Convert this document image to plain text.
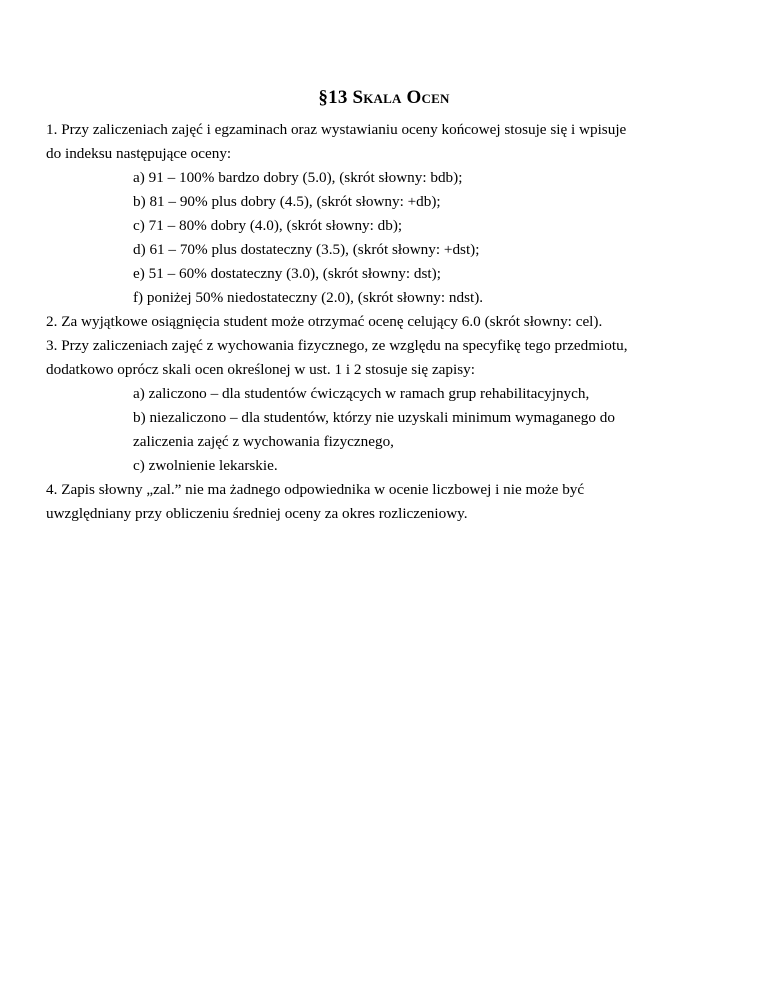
§13 Skala Ocen
1. Przy zaliczeniach zajęć i egzaminach oraz wystawianiu oceny końcowej stosuje się i wpisuje
do indeksu następujące oceny:
a) 91 – 100% bardzo dobry (5.0), (skrót słowny: bdb);
b) 81 – 90% plus dobry (4.5), (skrót słowny: +db);
c) 71 – 80% dobry (4.0), (skrót słowny: db);
d) 61 – 70% plus dostateczny (3.5), (skrót słowny: +dst);
e) 51 – 60% dostateczny (3.0), (skrót słowny: dst);
f) poniżej 50% niedostateczny (2.0), (skrót słowny: ndst).
2. Za wyjątkowe osiągnięcia student może otrzymać ocenę celujący 6.0 (skrót słowny: cel).
3. Przy zaliczeniach zajęć z wychowania fizycznego, ze względu na specyfikę tego przedmiotu,
dodatkowo oprócz skali ocen określonej w ust. 1 i 2 stosuje się zapisy:
a) zaliczono – dla studentów ćwiczących w ramach grup rehabilitacyjnych,
b) niezaliczono – dla studentów, którzy nie uzyskali minimum wymaganego do
zaliczenia zajęć z wychowania fizycznego,
c) zwolnienie lekarskie.
4. Zapis słowny „zal.” nie ma żadnego odpowiednika w ocenie liczbowej i nie może być
uwzględniany przy obliczeniu średniej oceny za okres rozliczeniowy.
